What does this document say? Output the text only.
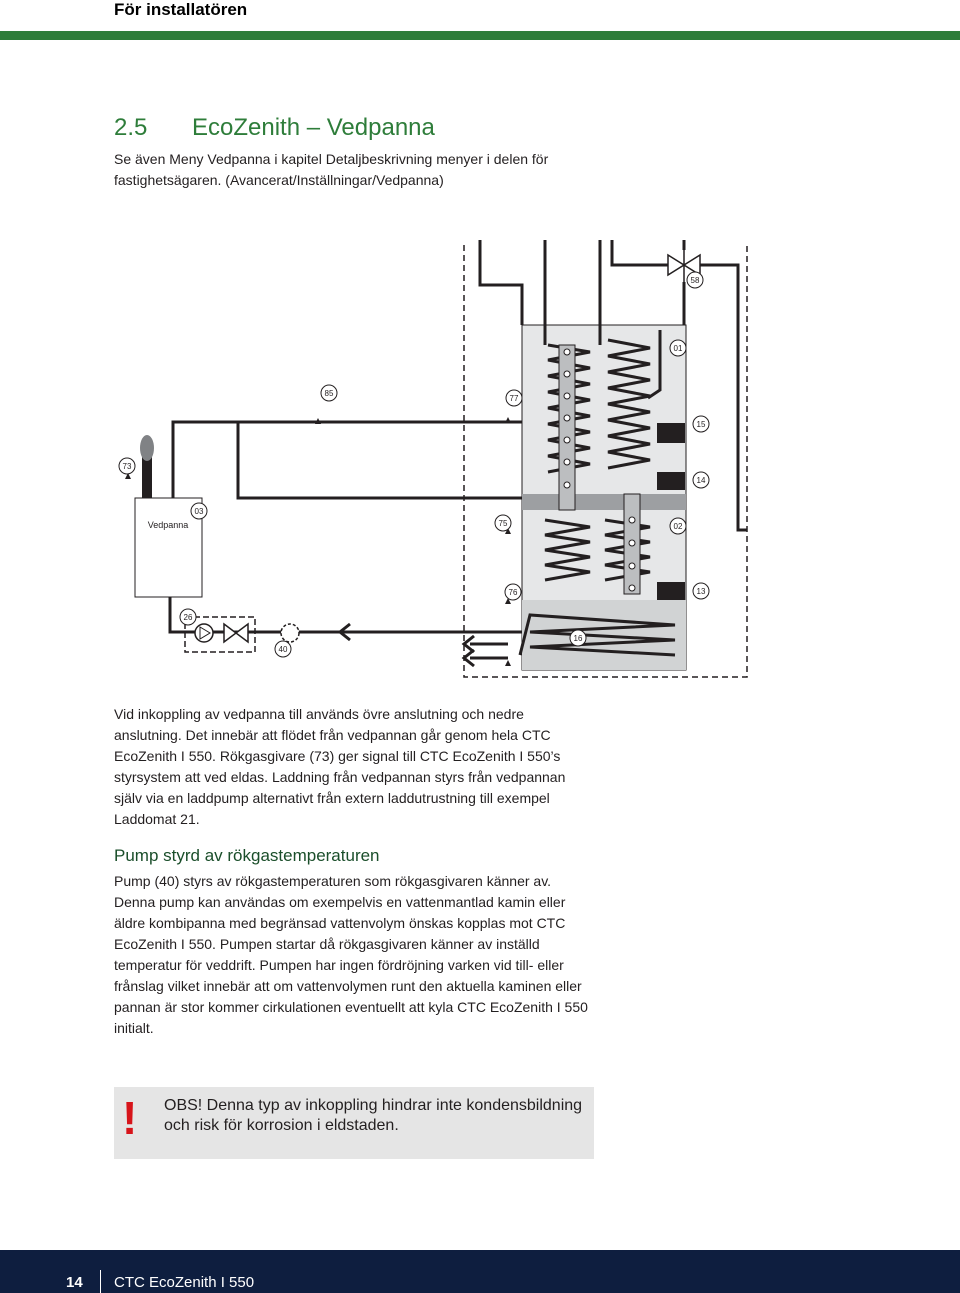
För installatören
2.5 EcoZenith – Vedpanna
Se även Meny Vedpanna i kapitel Detaljbeskrivning menyer i delen för fastighetsägaren. (Avancerat/Inställningar/Vedpanna)
01
02
03
13
14
15
16
26
40
58
73
75
76
77
85
Vedpanna
Vid inkoppling av vedpanna till används övre anslutning och nedre anslutning. Det innebär att flödet från vedpannan går genom hela CTC EcoZenith I 550. Rökgasgivare (73) ger signal till CTC EcoZenith I 550’s styrsystem att ved eldas. Laddning från vedpannan styrs från vedpannan själv via en laddpump alternativt från extern laddutrustning till exempel Laddomat 21.
Pump styrd av rökgastemperaturen
Pump (40) styrs av rökgastemperaturen som rökgasgivaren känner av. Denna pump kan användas om exempelvis en vattenmantlad kamin eller äldre kombipanna med begränsad vattenvolym önskas kopplas mot CTC EcoZenith I 550. Pumpen startar då rökgasgivaren känner av inställd temperatur för veddrift. Pumpen har ingen fördröjning varken vid till- eller frånslag vilket innebär att om vattenvolymen runt den aktuella kaminen eller pannan är stor kommer cirkulationen eventuellt att kyla CTC EcoZenith I 550 initialt.
! OBS! Denna typ av inkoppling hindrar inte kondensbildning och risk för korrosion i eldstaden.
14 CTC EcoZenith I 550
